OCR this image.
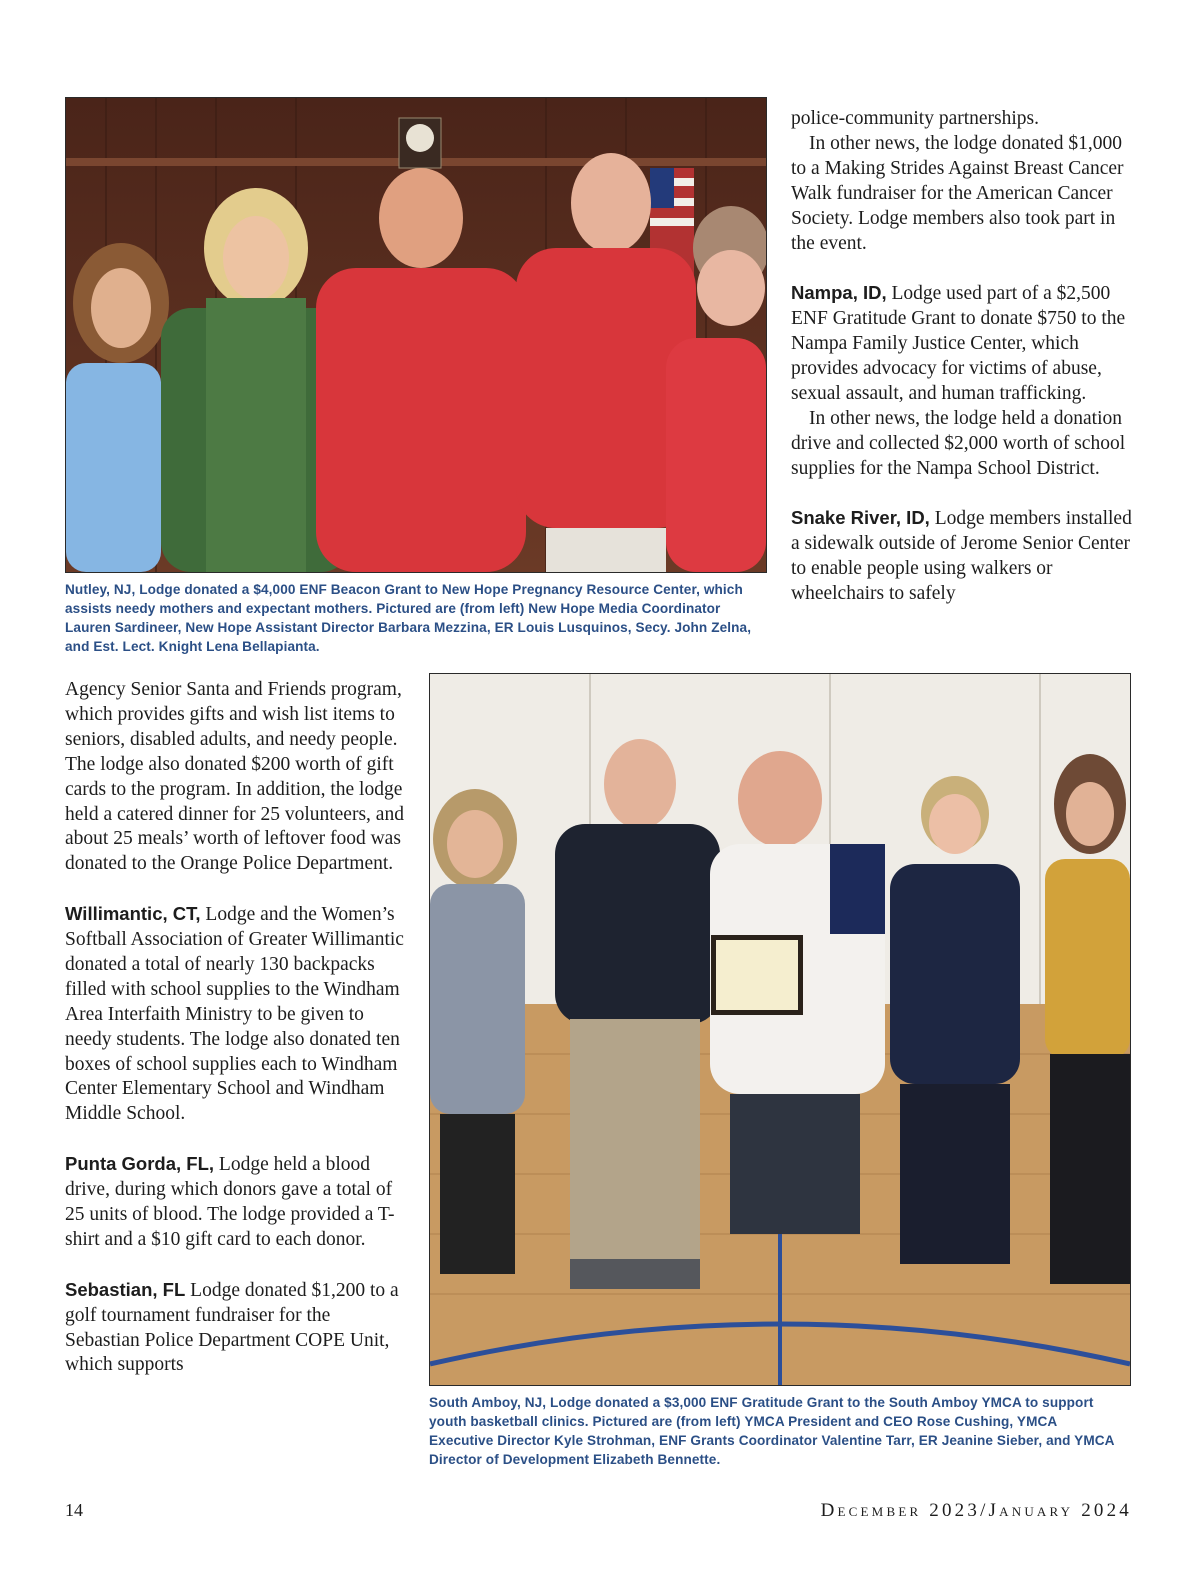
Nutley, NJ, Lodge donated a $4,000 ENF Beacon Grant to New Hope Pregnancy Resource Center, which assists needy mothers and expectant mothers. Pictured are (from left) New Hope Media Coordinator Lauren Sardineer, New Hope Assistant Director Barbara Mezzina, ER Louis Lusquinos, Secy. John Zelna, and Est. Lect. Knight Lena Bellapianta.

police-community partnerships.

In other news, the lodge donated $1,000 to a Making Strides Against Breast Cancer Walk fundraiser for the American Cancer Society. Lodge members also took part in the event.

Nampa, ID, Lodge used part of a $2,500 ENF Gratitude Grant to donate $750 to the Nampa Family Justice Center, which provides advocacy for victims of abuse, sexual assault, and human trafficking.

In other news, the lodge held a donation drive and collected $2,000 worth of school supplies for the Nampa School District.

Snake River, ID, Lodge members installed a sidewalk outside of Jerome Senior Center to enable people using walkers or wheelchairs to safely

Agency Senior Santa and Friends program, which provides gifts and wish list items to seniors, disabled adults, and needy people. The lodge also donated $200 worth of gift cards to the program. In addition, the lodge held a catered dinner for 25 volunteers, and about 25 meals’ worth of leftover food was donated to the Orange Police Department.

Willimantic, CT, Lodge and the Women’s Softball Association of Greater Willimantic donated a total of nearly 130 backpacks filled with school supplies to the Windham Area Interfaith Ministry to be given to needy students. The lodge also donated ten boxes of school supplies each to Windham Center Elementary School and Windham Middle School.

Punta Gorda, FL, Lodge held a blood drive, during which donors gave a total of 25 units of blood. The lodge provided a T-shirt and a $10 gift card to each donor.

Sebastian, FL Lodge donated $1,200 to a golf tournament fundraiser for the Sebastian Police Department COPE Unit, which supports

South Amboy, NJ, Lodge donated a $3,000 ENF Gratitude Grant to the South Amboy YMCA to support youth basketball clinics. Pictured are (from left) YMCA President and CEO Rose Cushing, YMCA Executive Director Kyle Strohman, ENF Grants Coordinator Valentine Tarr, ER Jeanine Sieber, and YMCA Director of Development Elizabeth Bennette.
14	December 2023/January 2024
